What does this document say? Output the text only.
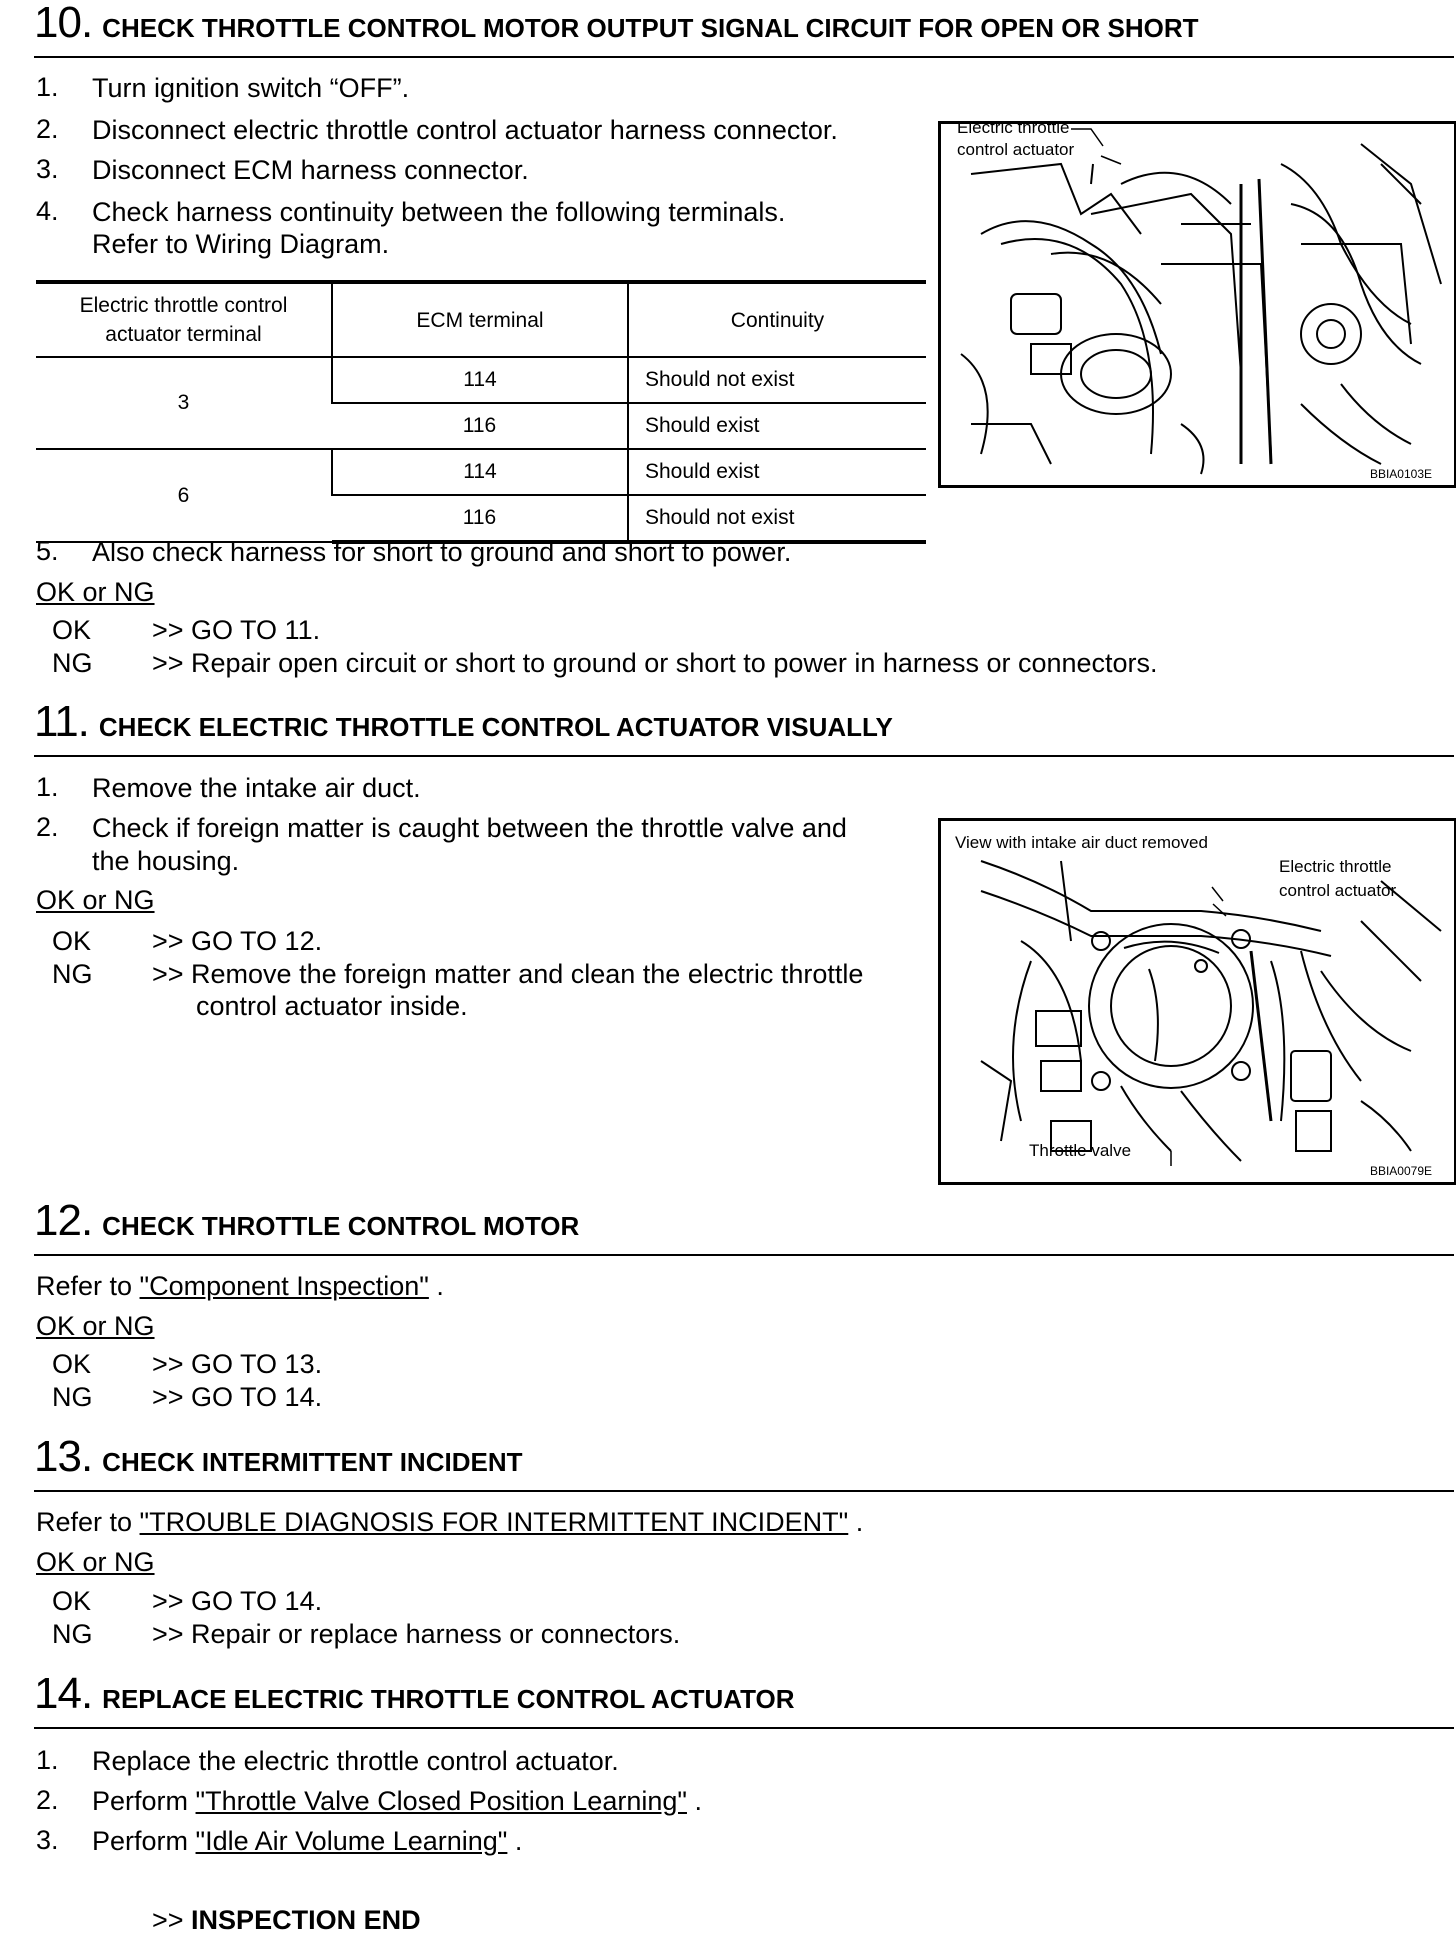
10. CHECK THROTTLE CONTROL MOTOR OUTPUT SIGNAL CIRCUIT FOR OPEN OR SHORT
1. Turn ignition switch “OFF”.
2. Disconnect electric throttle control actuator harness connector.
3. Disconnect ECM harness connector.
4. Check harness continuity between the following terminals.
Refer to Wiring Diagram.
Electric throttle control
actuator terminal	ECM terminal	Continuity
3	114	Should not exist
	116	Should exist
6	114	Should exist
	116	Should not exist
5. Also check harness for short to ground and short to power.
OK or NG
OK >> GO TO 11.
NG >> Repair open circuit or short to ground or short to power in harness or connectors.
Electric throttle
control actuator
BBIA0103E
11. CHECK ELECTRIC THROTTLE CONTROL ACTUATOR VISUALLY
1. Remove the intake air duct.
2. Check if foreign matter is caught between the throttle valve and
the housing.
OK or NG
OK >> GO TO 12.
NG >> Remove the foreign matter and clean the electric throttle
control actuator inside.
View with intake air duct removed
Electric throttle
control actuator
Throttle valve
BBIA0079E
12. CHECK THROTTLE CONTROL MOTOR
Refer to "Component Inspection" .
OK or NG
OK >> GO TO 13.
NG >> GO TO 14.
13. CHECK INTERMITTENT INCIDENT
Refer to "TROUBLE DIAGNOSIS FOR INTERMITTENT INCIDENT" .
OK or NG
OK >> GO TO 14.
NG >> Repair or replace harness or connectors.
14. REPLACE ELECTRIC THROTTLE CONTROL ACTUATOR
1. Replace the electric throttle control actuator.
2. Perform "Throttle Valve Closed Position Learning" .
3. Perform "Idle Air Volume Learning" .
>> INSPECTION END
